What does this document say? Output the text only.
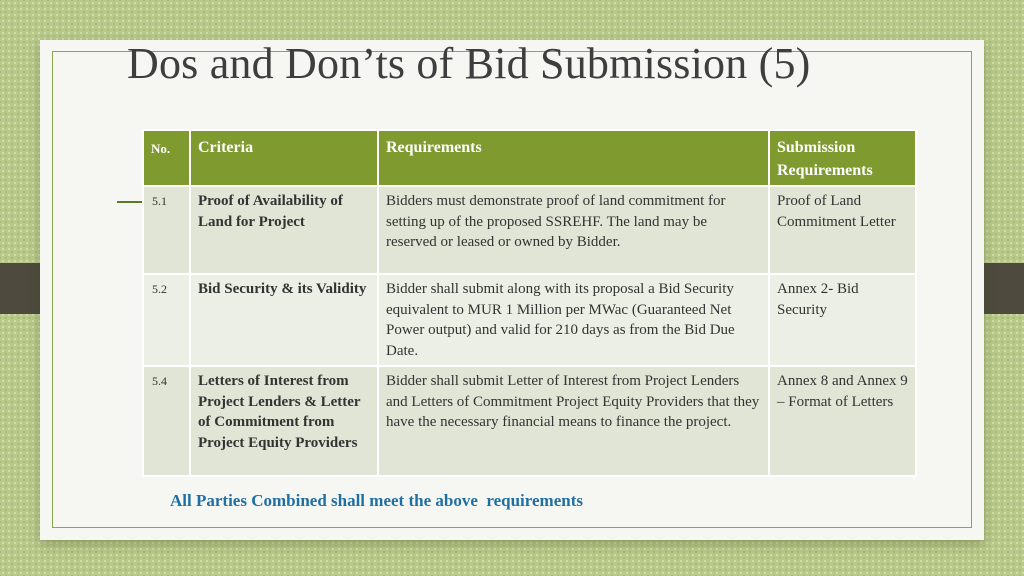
Dos and Don’ts of Bid Submission (5)
No.	Criteria	Requirements	Submission Requirements
5.1	Proof of Availability of Land for Project	Bidders must demonstrate proof of land commitment for setting up of the proposed SSREHF. The land may be reserved or leased or owned by Bidder.	Proof of Land Commitment Letter
5.2	Bid Security & its Validity	Bidder shall submit along with its proposal a Bid Security equivalent to MUR 1 Million per MWac (Guaranteed Net Power output) and valid for 210 days as from the Bid Due Date.	Annex 2- Bid Security
5.4	Letters of Interest from Project Lenders & Letter of Commitment from Project Equity Providers	Bidder shall submit Letter of Interest from Project Lenders and Letters of Commitment Project Equity Providers that they have the necessary financial means to finance the project.	Annex 8 and Annex 9 – Format of Letters

All Parties Combined shall meet the above  requirements
